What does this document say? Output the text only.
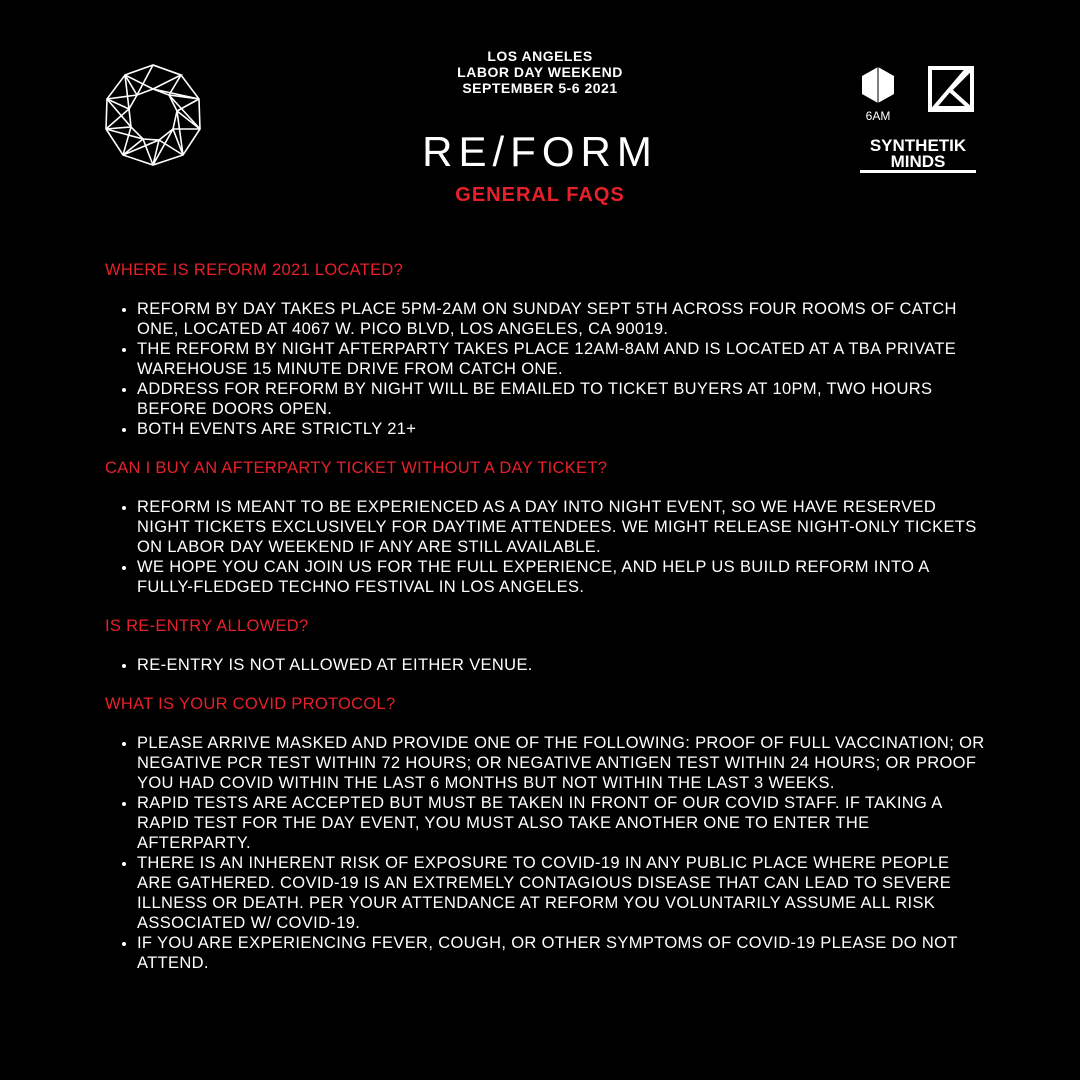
LOS ANGELES
LABOR DAY WEEKEND
SEPTEMBER 5-6 2021
RE/FORM
GENERAL FAQS
6AM
SYNTHETIK MINDS
WHERE IS REFORM 2021 LOCATED?
• REFORM BY DAY TAKES PLACE 5PM-2AM ON SUNDAY SEPT 5TH ACROSS FOUR ROOMS OF CATCH ONE, LOCATED AT 4067 W. PICO BLVD, LOS ANGELES, CA 90019.
• THE REFORM BY NIGHT AFTERPARTY TAKES PLACE 12AM-8AM AND IS LOCATED AT A TBA PRIVATE WAREHOUSE 15 MINUTE DRIVE FROM CATCH ONE.
• ADDRESS FOR REFORM BY NIGHT WILL BE EMAILED TO TICKET BUYERS AT 10PM, TWO HOURS BEFORE DOORS OPEN.
• BOTH EVENTS ARE STRICTLY 21+
CAN I BUY AN AFTERPARTY TICKET WITHOUT A DAY TICKET?
• REFORM IS MEANT TO BE EXPERIENCED AS A DAY INTO NIGHT EVENT, SO WE HAVE RESERVED NIGHT TICKETS EXCLUSIVELY FOR DAYTIME ATTENDEES. WE MIGHT RELEASE NIGHT-ONLY TICKETS ON LABOR DAY WEEKEND IF ANY ARE STILL AVAILABLE.
• WE HOPE YOU CAN JOIN US FOR THE FULL EXPERIENCE, AND HELP US BUILD REFORM INTO A FULLY-FLEDGED TECHNO FESTIVAL IN LOS ANGELES.
IS RE-ENTRY ALLOWED?
• RE-ENTRY IS NOT ALLOWED AT EITHER VENUE.
WHAT IS YOUR COVID PROTOCOL?
• PLEASE ARRIVE MASKED AND PROVIDE ONE OF THE FOLLOWING: PROOF OF FULL VACCINATION; OR NEGATIVE PCR TEST WITHIN 72 HOURS; OR NEGATIVE ANTIGEN TEST WITHIN 24 HOURS; OR PROOF YOU HAD COVID WITHIN THE LAST 6 MONTHS BUT NOT WITHIN THE LAST 3 WEEKS.
• RAPID TESTS ARE ACCEPTED BUT MUST BE TAKEN IN FRONT OF OUR COVID STAFF. IF TAKING A RAPID TEST FOR THE DAY EVENT, YOU MUST ALSO TAKE ANOTHER ONE TO ENTER THE AFTERPARTY.
• THERE IS AN INHERENT RISK OF EXPOSURE TO COVID-19 IN ANY PUBLIC PLACE WHERE PEOPLE ARE GATHERED. COVID-19 IS AN EXTREMELY CONTAGIOUS DISEASE THAT CAN LEAD TO SEVERE ILLNESS OR DEATH. PER YOUR ATTENDANCE AT REFORM YOU VOLUNTARILY ASSUME ALL RISK ASSOCIATED W/ COVID-19.
• IF YOU ARE EXPERIENCING FEVER, COUGH, OR OTHER SYMPTOMS OF COVID-19 PLEASE DO NOT ATTEND.
